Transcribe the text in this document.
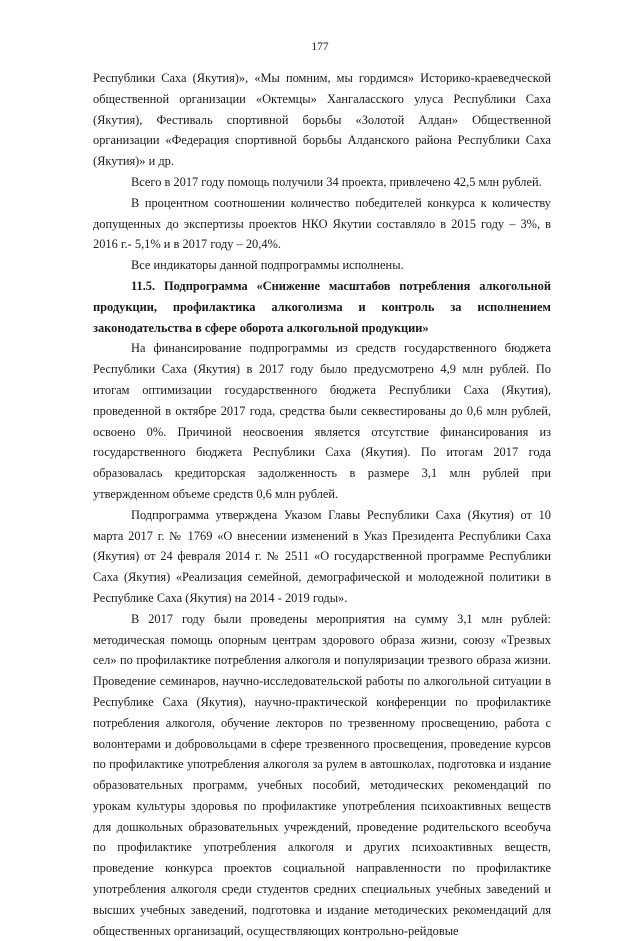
177

Республики Саха (Якутия)», «Мы помним, мы гордимся» Историко-краеведческой общественной организации «Октемцы» Хангаласского улуса Республики Саха (Якутия), Фестиваль спортивной борьбы «Золотой Алдан» Общественной организации «Федерация спортивной борьбы Алданского района Республики Саха (Якутия)» и др.

Всего в 2017 году помощь получили 34 проекта, привлечено 42,5 млн рублей.

В процентном соотношении количество победителей конкурса к количеству допущенных до экспертизы проектов НКО Якутии составляло в 2015 году – 3%, в 2016 г.- 5,1% и в 2017 году – 20,4%.

Все индикаторы данной подпрограммы исполнены.

11.5. Подпрограмма «Снижение масштабов потребления алкогольной продукции, профилактика алкоголизма и контроль за исполнением законодательства в сфере оборота алкогольной продукции»

На финансирование подпрограммы из средств государственного бюджета Республики Саха (Якутия) в 2017 году было предусмотрено 4,9 млн рублей. По итогам оптимизации государственного бюджета Республики Саха (Якутия), проведенной в октябре 2017 года, средства были секвестированы до 0,6 млн рублей, освоено 0%. Причиной неосвоения является отсутствие финансирования из государственного бюджета Республики Саха (Якутия). По итогам 2017 года образовалась кредиторская задолженность в размере 3,1 млн рублей при утвержденном объеме средств 0,6 млн рублей.

Подпрограмма утверждена Указом Главы Республики Саха (Якутия) от 10 марта 2017 г. № 1769 «О внесении изменений в Указ Президента Республики Саха (Якутия) от 24 февраля 2014 г. № 2511 «О государственной программе Республики Саха (Якутия) «Реализация семейной, демографической и молодежной политики в Республике Саха (Якутия) на 2014 - 2019 годы».

В 2017 году были проведены мероприятия на сумму 3,1 млн рублей: методическая помощь опорным центрам здорового образа жизни, союзу «Трезвых сел» по профилактике потребления алкоголя и популяризации трезвого образа жизни. Проведение семинаров, научно-исследовательской работы по алкогольной ситуации в Республике Саха (Якутия), научно-практической конференции по профилактике потребления алкоголя, обучение лекторов по трезвенному просвещению, работа с волонтерами и добровольцами в сфере трезвенного просвещения, проведение курсов по профилактике употребления алкоголя за рулем в автошколах, подготовка и издание образовательных программ, учебных пособий, методических рекомендаций по урокам культуры здоровья по профилактике употребления психоактивных веществ для дошкольных образовательных учреждений, проведение родительского всеобуча по профилактике употребления алкоголя и других психоактивных веществ, проведение конкурса проектов социальной направленности по профилактике употребления алкоголя среди студентов средних специальных учебных заведений и высших учебных заведений, подготовка и издание методических рекомендаций для общественных организаций, осуществляющих контрольно-рейдовые
